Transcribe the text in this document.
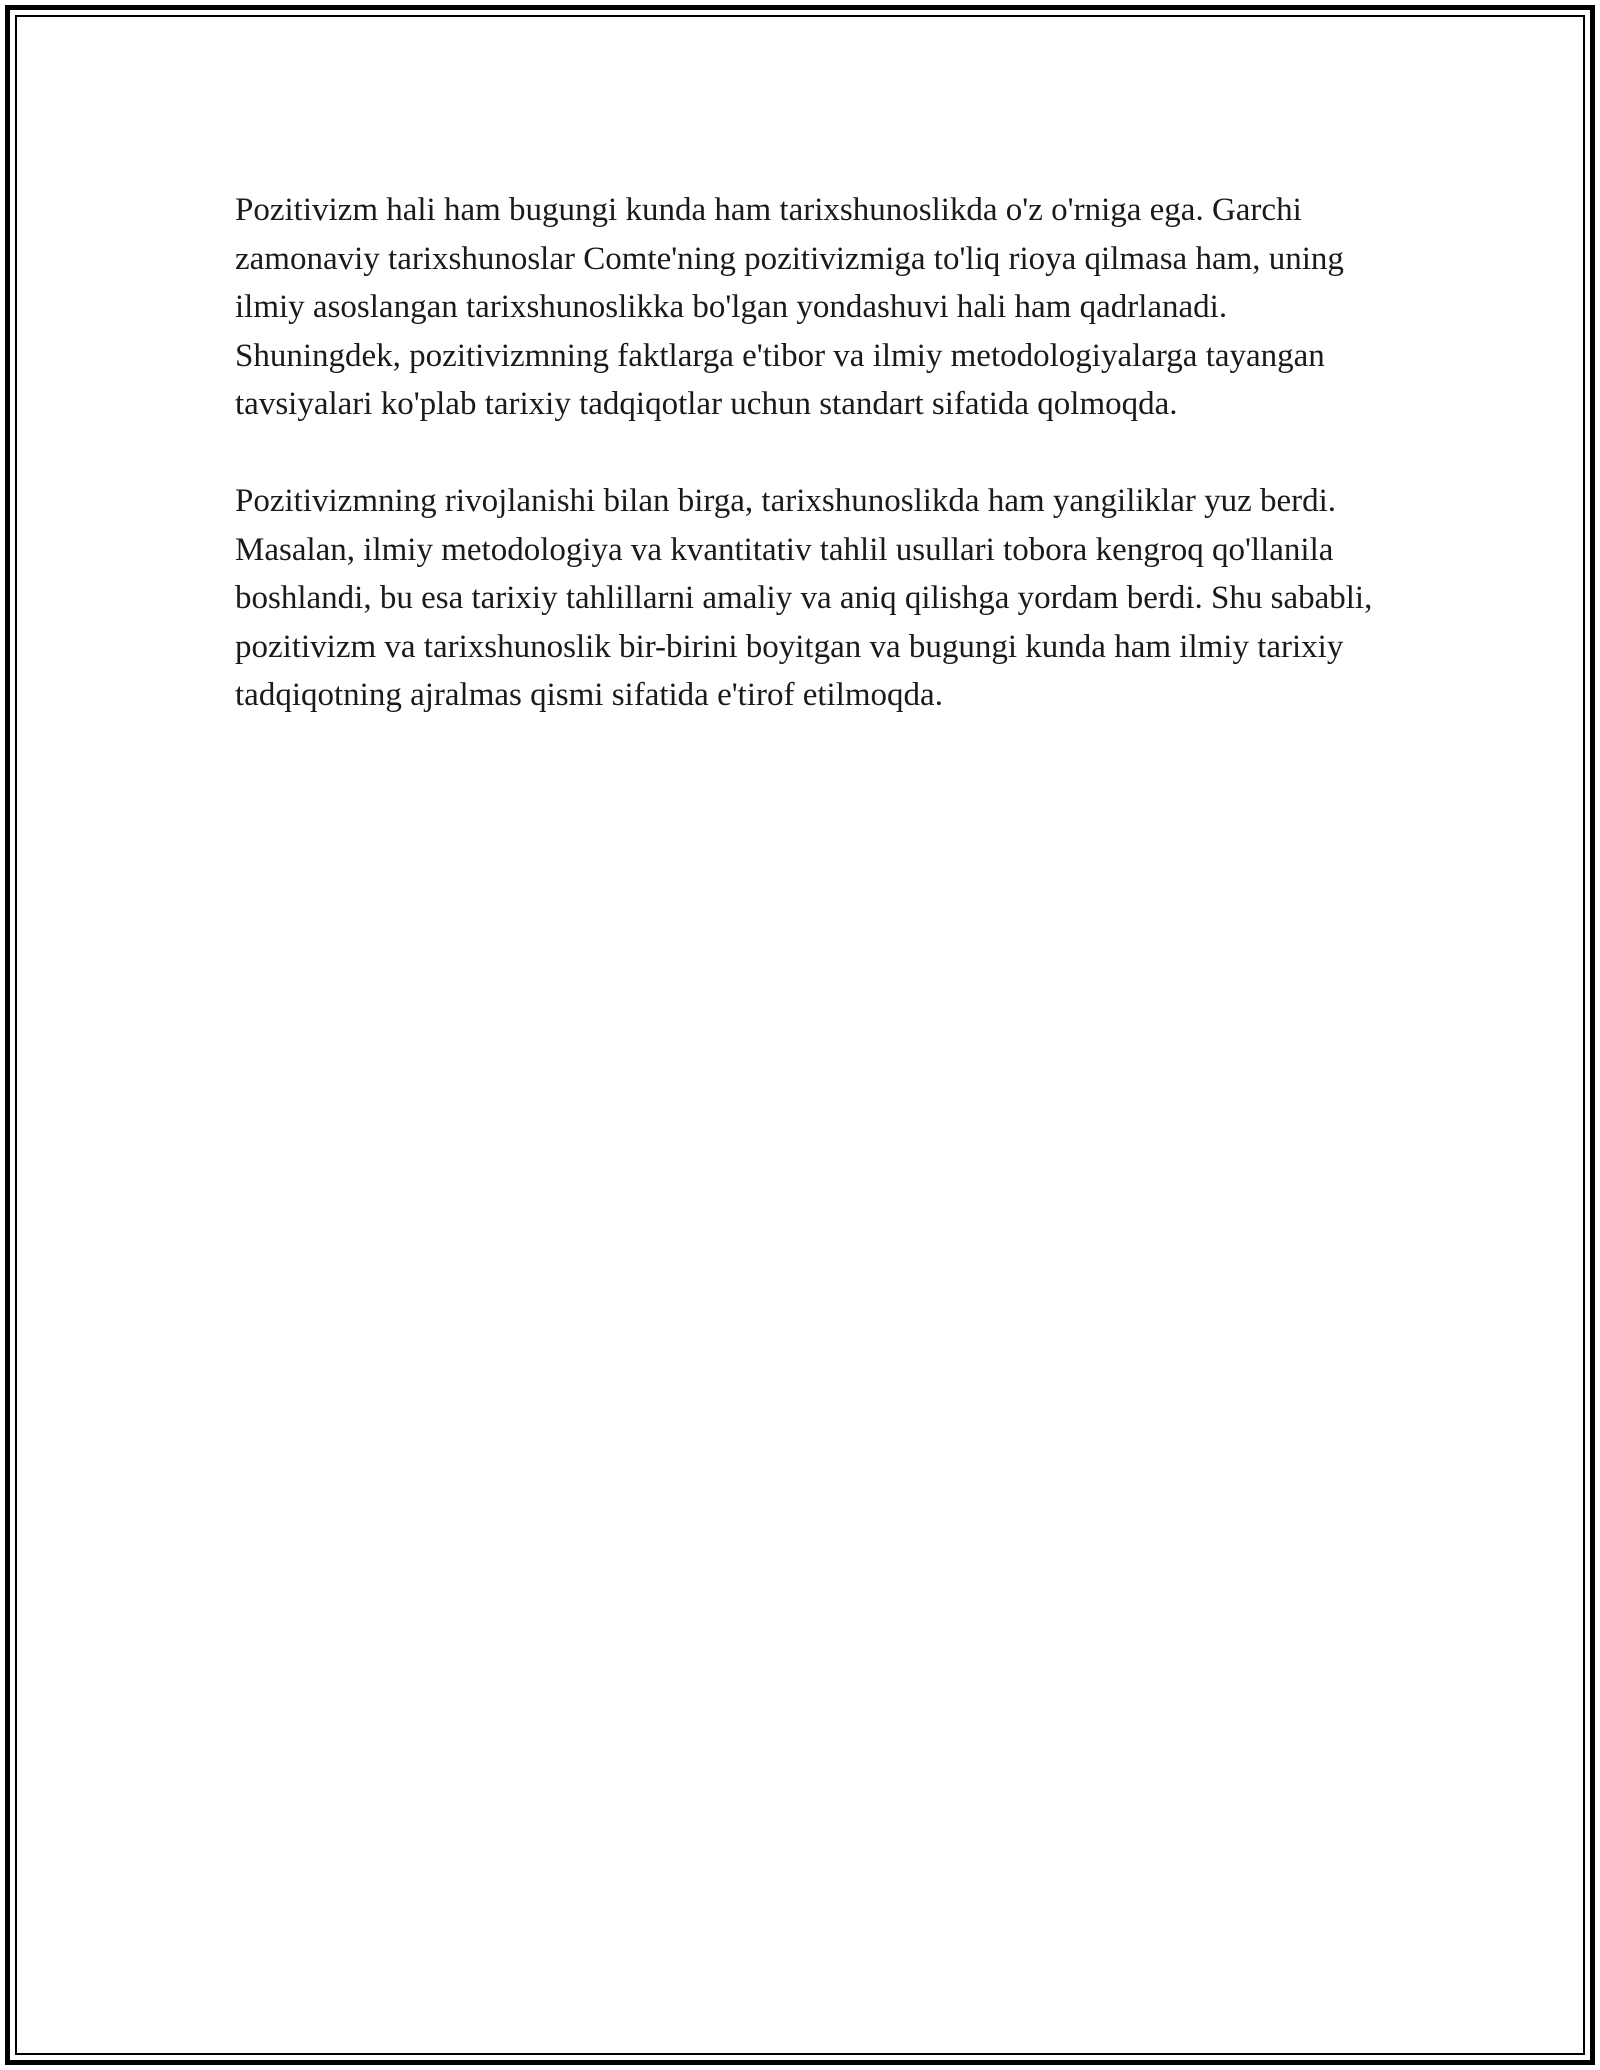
Pozitivizm hali ham bugungi kunda ham tarixshunoslikda o'z o'rniga ega. Garchi zamonaviy tarixshunoslar Comte'ning pozitivizmiga to'liq rioya qilmasa ham, uning ilmiy asoslangan tarixshunoslikka bo'lgan yondashuvi hali ham qadrlanadi. Shuningdek, pozitivizmning faktlarga e'tibor va ilmiy metodologiyalarga tayangan tavsiyalari ko'plab tarixiy tadqiqotlar uchun standart sifatida qolmoqda.

Pozitivizmning rivojlanishi bilan birga, tarixshunoslikda ham yangiliklar yuz berdi. Masalan, ilmiy metodologiya va kvantitativ tahlil usullari tobora kengroq qo'llanila boshlandi, bu esa tarixiy tahlillarni amaliy va aniq qilishga yordam berdi. Shu sababli, pozitivizm va tarixshunoslik bir-birini boyitgan va bugungi kunda ham ilmiy tarixiy tadqiqotning ajralmas qismi sifatida e'tirof etilmoqda.
